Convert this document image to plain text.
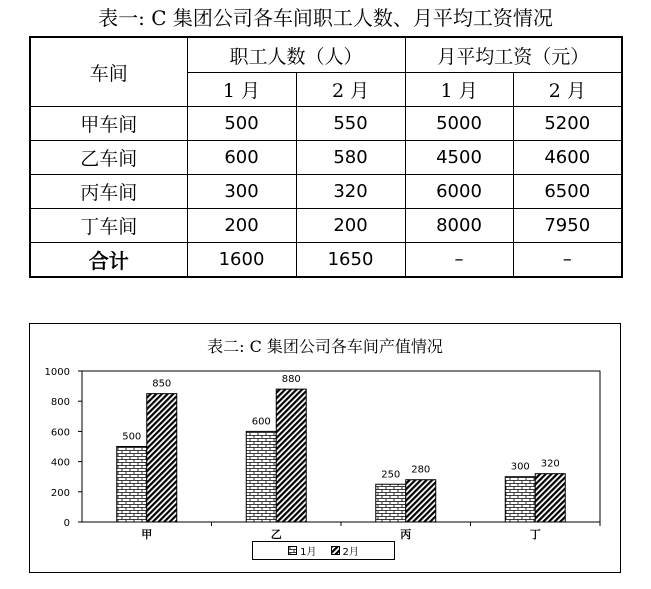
表一: C 集团公司各车间职工人数、月平均工资情况
车间	职工人数（人）		月平均工资（元）	
	1 月	2 月	1 月	2 月
甲车间	500	550	5000	5200
乙车间	600	580	4500	4600
丙车间	300	320	6000	6500
丁车间	200	200	8000	7950
合计	1600	1650	–	–
表二: C 集团公司各车间产值情况
0
200
400
600
800
1000
500
850
甲
600
880
乙
250 280
丙
300 320
丁
1月	2月
